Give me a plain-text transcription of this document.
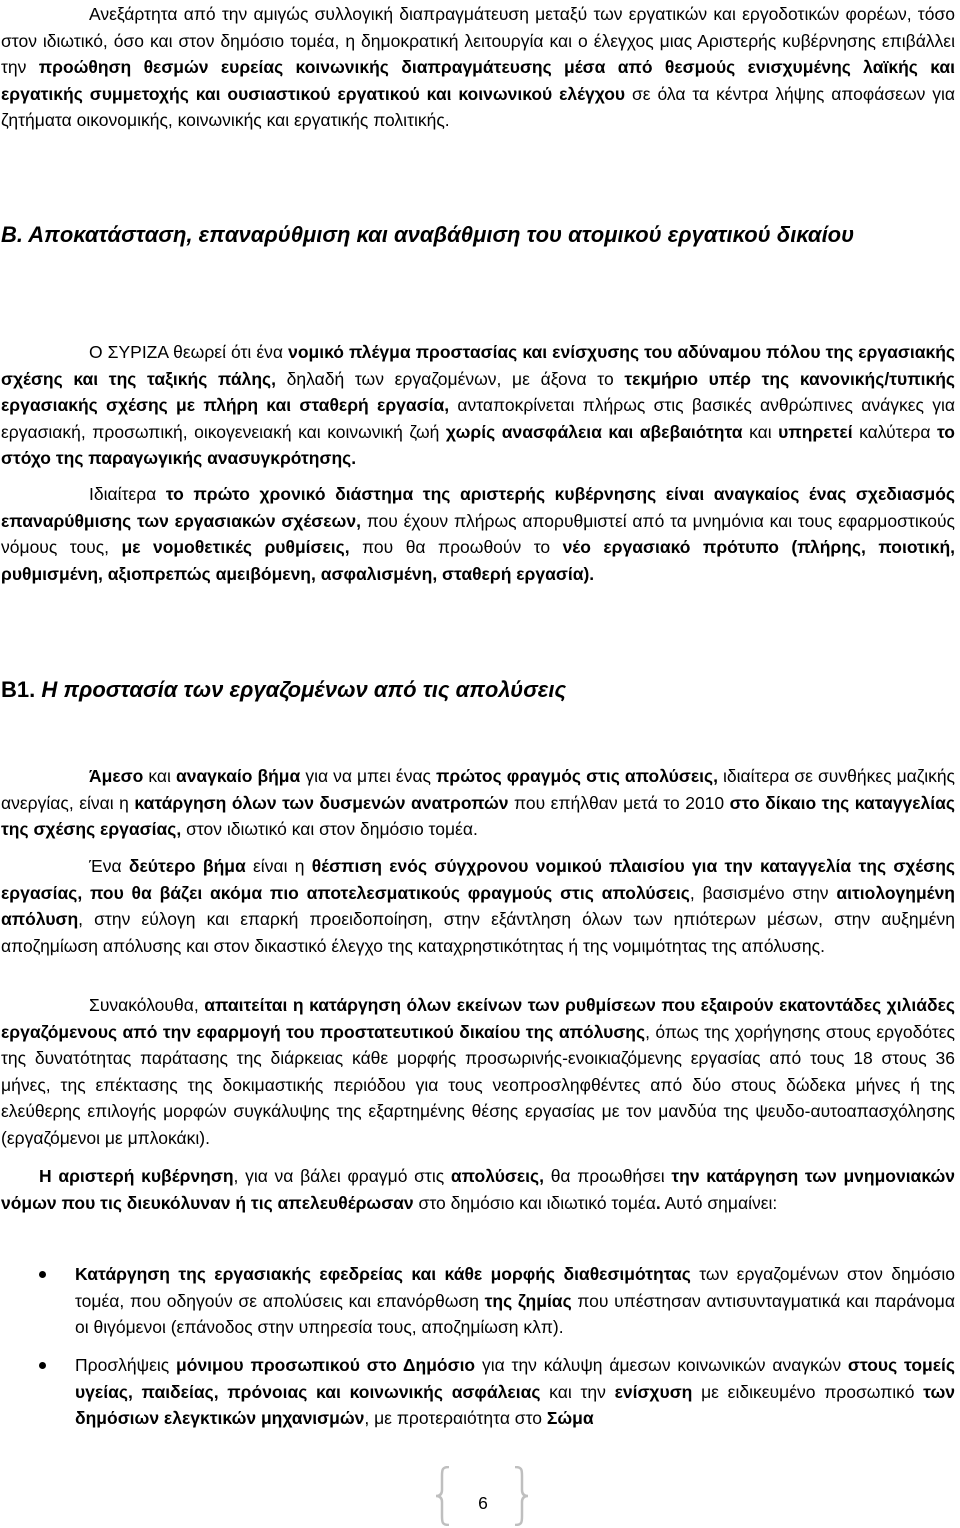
Ανεξάρτητα από την αμιγώς συλλογική διαπραγμάτευση μεταξύ των εργατικών και εργοδοτικών φορέων, τόσο στον ιδιωτικό, όσο και στον δημόσιο τομέα, η δημοκρατική λειτουργία και ο έλεγχος μιας Αριστερής κυβέρνησης επιβάλλει την προώθηση θεσμών ευρείας κοινωνικής διαπραγμάτευσης μέσα από θεσμούς ενισχυμένης λαϊκής και εργατικής συμμετοχής και ουσιαστικού εργατικού και κοινωνικού ελέγχου σε όλα τα κέντρα λήψης αποφάσεων για ζητήματα οικονομικής, κοινωνικής και εργατικής πολιτικής.

Β. Αποκατάσταση, επαναρύθμιση και αναβάθμιση του ατομικού εργατικού δικαίου

Ο ΣΥΡΙΖΑ θεωρεί ότι ένα νομικό πλέγμα προστασίας και ενίσχυσης του αδύναμου πόλου της εργασιακής σχέσης και της ταξικής πάλης, δηλαδή των εργαζομένων, με άξονα το τεκμήριο υπέρ της κανονικής/τυπικής εργασιακής σχέσης με πλήρη και σταθερή εργασία, ανταποκρίνεται πλήρως στις βασικές ανθρώπινες ανάγκες για εργασιακή, προσωπική, οικογενειακή και κοινωνική ζωή χωρίς ανασφάλεια και αβεβαιότητα και υπηρετεί καλύτερα το στόχο της παραγωγικής ανασυγκρότησης.

Ιδιαίτερα το πρώτο χρονικό διάστημα της αριστερής κυβέρνησης είναι αναγκαίος ένας σχεδιασμός επαναρύθμισης των εργασιακών σχέσεων, που έχουν πλήρως απορυθμιστεί από τα μνημόνια και τους εφαρμοστικούς νόμους τους, με νομοθετικές ρυθμίσεις, που θα προωθούν το νέο εργασιακό πρότυπο (πλήρης, ποιοτική, ρυθμισμένη, αξιοπρεπώς αμειβόμενη, ασφαλισμένη, σταθερή εργασία).

Β1. Η προστασία των εργαζομένων από τις απολύσεις

Άμεσο και αναγκαίο βήμα για να μπει ένας πρώτος φραγμός στις απολύσεις, ιδιαίτερα σε συνθήκες μαζικής ανεργίας, είναι η κατάργηση όλων των δυσμενών ανατροπών που επήλθαν μετά το 2010 στο δίκαιο της καταγγελίας της σχέσης εργασίας, στον ιδιωτικό και στον δημόσιο τομέα.

Ένα δεύτερο βήμα είναι η θέσπιση ενός σύγχρονου νομικού πλαισίου για την καταγγελία της σχέσης εργασίας, που θα βάζει ακόμα πιο αποτελεσματικούς φραγμούς στις απολύσεις, βασισμένο στην αιτιολογημένη απόλυση, στην εύλογη και επαρκή προειδοποίηση, στην εξάντληση όλων των ηπιότερων μέσων, στην αυξημένη αποζημίωση απόλυσης και στον δικαστικό έλεγχο της καταχρηστικότητας ή της νομιμότητας της απόλυσης.

Συνακόλουθα, απαιτείται η κατάργηση όλων εκείνων των ρυθμίσεων που εξαιρούν εκατοντάδες χιλιάδες εργαζόμενους από την εφαρμογή του προστατευτικού δικαίου της απόλυσης, όπως της χορήγησης στους εργοδότες της δυνατότητας παράτασης της διάρκειας κάθε μορφής προσωρινής-ενοικιαζόμενης εργασίας από τους 18 στους 36 μήνες, της επέκτασης της δοκιμαστικής περιόδου για τους νεοπροσληφθέντες από δύο στους δώδεκα μήνες ή της ελεύθερης επιλογής μορφών συγκάλυψης της εξαρτημένης θέσης εργασίας με τον μανδύα της ψευδο-αυτοαπασχόλησης (εργαζόμενοι με μπλοκάκι).

Η αριστερή κυβέρνηση, για να βάλει φραγμό στις απολύσεις, θα προωθήσει την κατάργηση των μνημονιακών νόμων που τις διευκόλυναν ή τις απελευθέρωσαν στο δημόσιο και ιδιωτικό τομέα. Αυτό σημαίνει:

Κατάργηση της εργασιακής εφεδρείας και κάθε μορφής διαθεσιμότητας των εργαζομένων στον δημόσιο τομέα, που οδηγούν σε απολύσεις και επανόρθωση της ζημίας που υπέστησαν αντισυνταγματικά και παράνομα οι θιγόμενοι (επάνοδος στην υπηρεσία τους, αποζημίωση κλπ).
Προσλήψεις μόνιμου προσωπικού στο Δημόσιο για την κάλυψη άμεσων κοινωνικών αναγκών στους τομείς υγείας, παιδείας, πρόνοιας και κοινωνικής ασφάλειας και την ενίσχυση με ειδικευμένο προσωπικό των δημόσιων ελεγκτικών μηχανισμών, με προτεραιότητα στο Σώμα
6
